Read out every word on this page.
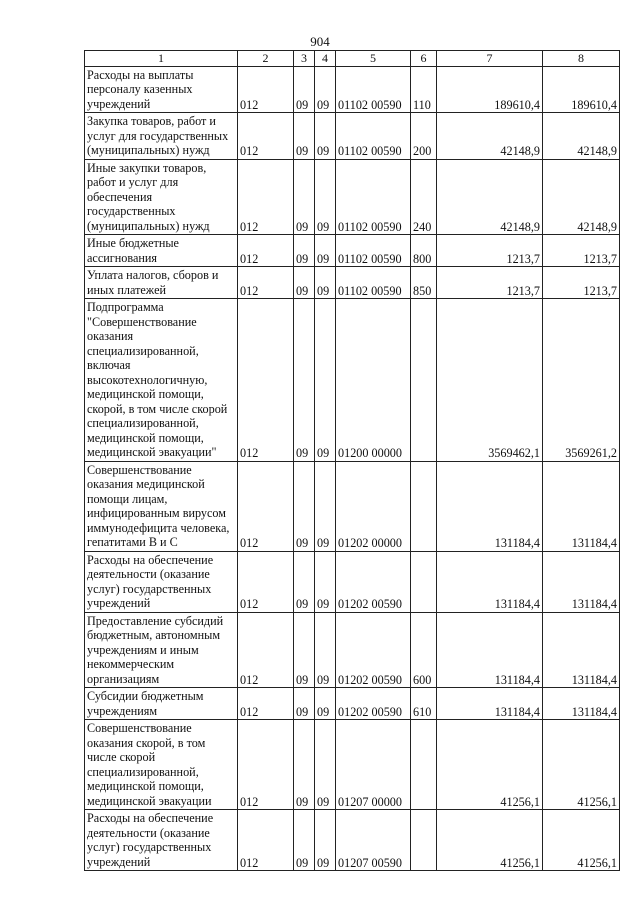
904
1	2	3	4	5	6	7	8
Расходы на выплаты персоналу казенных учреждений	012	09	09	01102 00590	110	189610,4	189610,4
Закупка товаров, работ и услуг для государственных (муниципальных) нужд	012	09	09	01102 00590	200	42148,9	42148,9
Иные закупки товаров, работ и услуг для обеспечения государственных (муниципальных) нужд	012	09	09	01102 00590	240	42148,9	42148,9
Иные бюджетные ассигнования	012	09	09	01102 00590	800	1213,7	1213,7
Уплата налогов, сборов и иных платежей	012	09	09	01102 00590	850	1213,7	1213,7
Подпрограмма "Совершенствование оказания специализированной, включая высокотехнологичную, медицинской помощи, скорой, в том числе скорой специализированной, медицинской помощи, медицинской эвакуации"	012	09	09	01200 00000		3569462,1	3569261,2
Совершенствование оказания медицинской помощи лицам, инфицированным вирусом иммунодефицита человека, гепатитами В и С	012	09	09	01202 00000		131184,4	131184,4
Расходы на обеспечение деятельности (оказание услуг) государственных учреждений	012	09	09	01202 00590		131184,4	131184,4
Предоставление субсидий бюджетным, автономным учреждениям и иным некоммерческим организациям	012	09	09	01202 00590	600	131184,4	131184,4
Субсидии бюджетным учреждениям	012	09	09	01202 00590	610	131184,4	131184,4
Совершенствование оказания скорой, в том числе скорой специализированной, медицинской помощи, медицинской эвакуации	012	09	09	01207 00000		41256,1	41256,1
Расходы на обеспечение деятельности (оказание услуг) государственных учреждений	012	09	09	01207 00590		41256,1	41256,1
